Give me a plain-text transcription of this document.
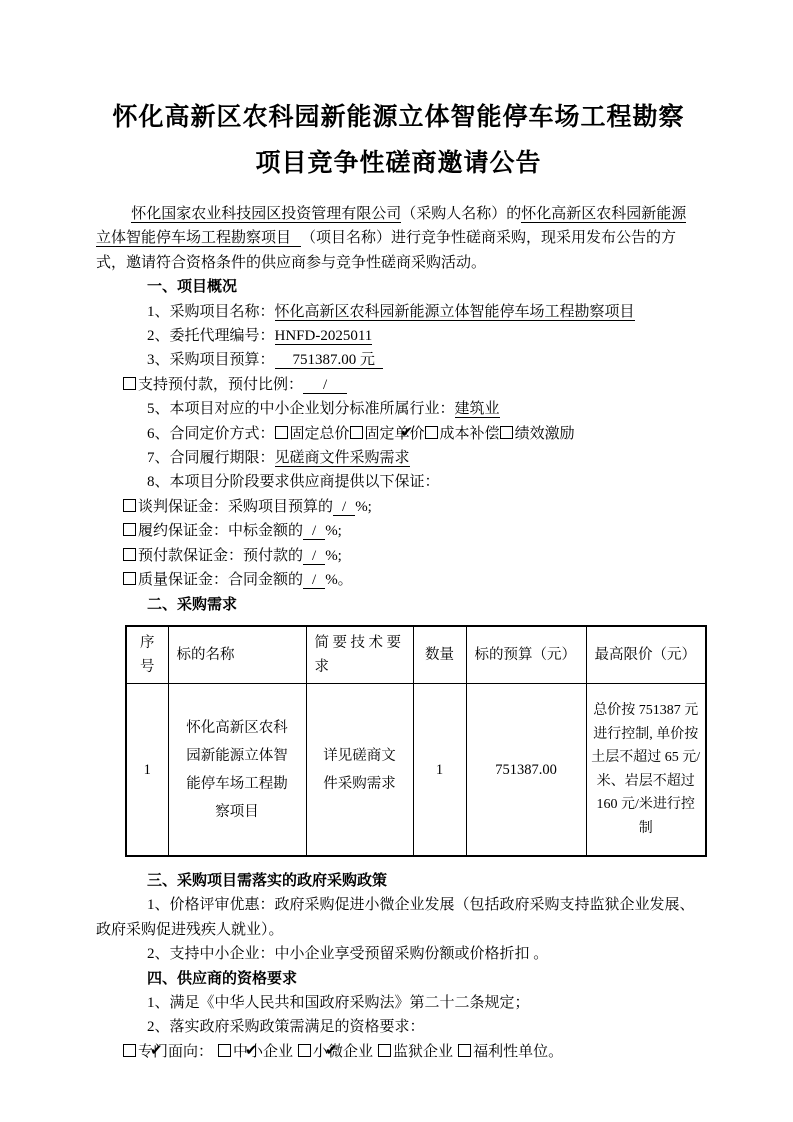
怀化高新区农科园新能源立体智能停车场工程勘察
项目竞争性磋商邀请公告

怀化国家农业科技园区投资管理有限公司（采购人名称）的怀化高新区农科园新能源立体智能停车场工程勘察项目 （项目名称）进行竞争性磋商采购，现采用发布公告的方式，邀请符合资格条件的供应商参与竞争性磋商采购活动。

一、项目概况

1、采购项目名称：怀化高新区农科园新能源立体智能停车场工程勘察项目

2、委托代理编号：HNFD-2025011

3、采购项目预算： 751387.00 元

支持预付款，预付比例： /

5、本项目对应的中小企业划分标准所属行业：建筑业

6、合同定价方式： 固定总价 ✔ 固定单价 成本补偿 绩效激励

7、合同履行期限：见磋商文件采购需求

8、本项目分阶段要求供应商提供以下保证：

谈判保证金：采购项目预算的 / %;

履约保证金：中标金额的 / %;

预付款保证金：预付款的 / %;

质量保证金：合同金额的 / %。

二、采购需求

序号	标的名称	简要技术要求	数量	标的预算（元）	最高限价（元）
1	怀化高新区农科园新能源立体智能停车场工程勘察项目	详见磋商文件采购需求	1	751387.00	总价按 751387 元进行控制, 单价按土层不超过 65 元/米、岩层不超过 160 元/米进行控制

三、采购项目需落实的政府采购政策

1、价格评审优惠：政府采购促进小微企业发展（包括政府采购支持监狱企业发展、政府采购促进残疾人就业）。

2、支持中小企业：中小企业享受预留采购份额或价格折扣 。

四、供应商的资格要求

1、满足《中华人民共和国政府采购法》第二十二条规定；

2、落实政府采购政策需满足的资格要求：

✔专门面向： ✔ 中小企业 ✔ 小微企业 监狱企业 福利性单位。
